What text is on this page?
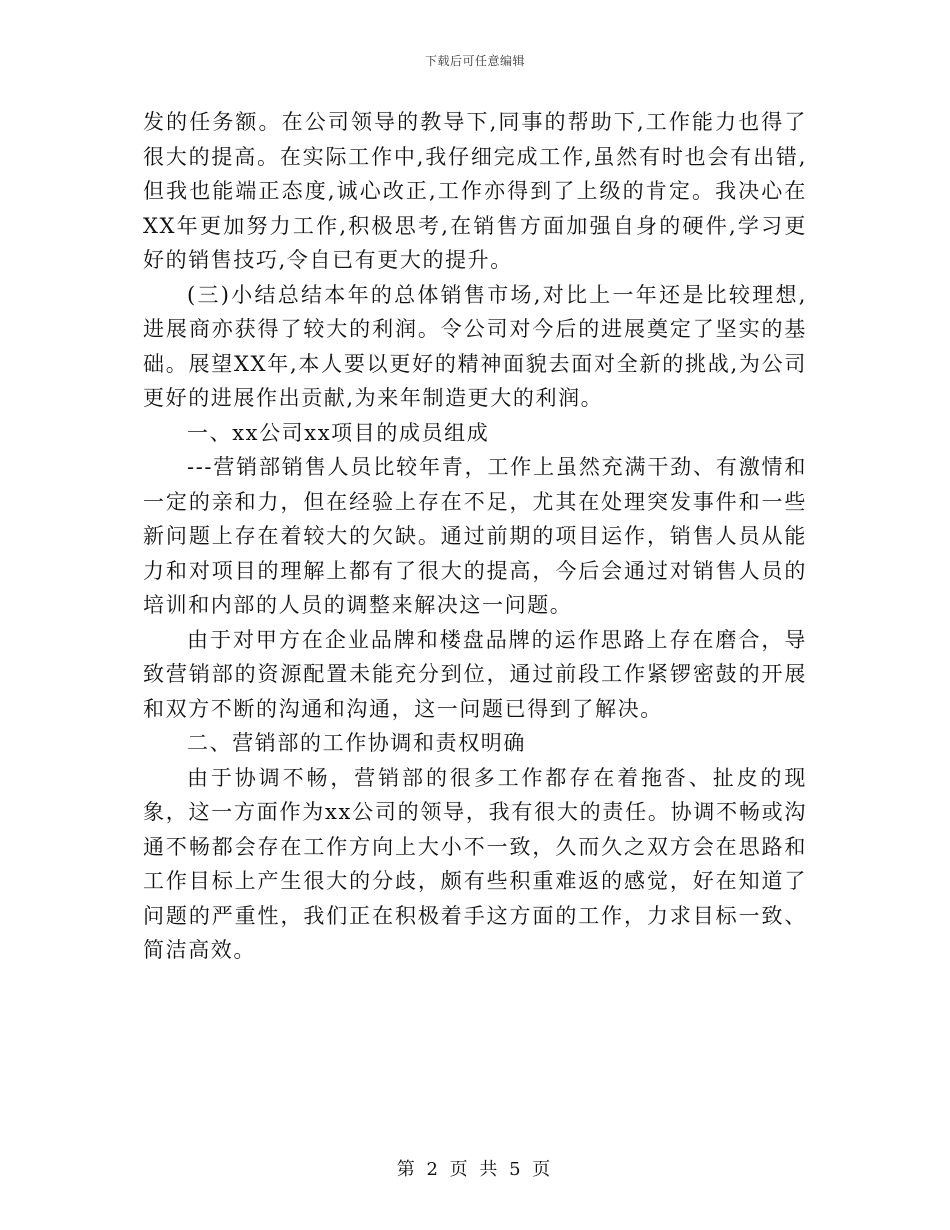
下载后可任意编辑

发的任务额。在公司领导的教导下,同事的帮助下,工作能力也得了很大的提高。在实际工作中,我仔细完成工作,虽然有时也会有出错,但我也能端正态度,诚心改正,工作亦得到了上级的肯定。我决心在XX年更加努力工作,积极思考,在销售方面加强自身的硬件,学习更好的销售技巧,令自已有更大的提升。

(三)小结总结本年的总体销售市场,对比上一年还是比较理想,进展商亦获得了较大的利润。令公司对今后的进展奠定了坚实的基础。展望XX年,本人要以更好的精神面貌去面对全新的挑战,为公司更好的进展作出贡献,为来年制造更大的利润。

一、xx公司xx项目的成员组成

---营销部销售人员比较年青，工作上虽然充满干劲、有激情和一定的亲和力，但在经验上存在不足，尤其在处理突发事件和一些新问题上存在着较大的欠缺。通过前期的项目运作，销售人员从能力和对项目的理解上都有了很大的提高，今后会通过对销售人员的培训和内部的人员的调整来解决这一问题。

由于对甲方在企业品牌和楼盘品牌的运作思路上存在磨合，导致营销部的资源配置未能充分到位，通过前段工作紧锣密鼓的开展和双方不断的沟通和沟通，这一问题已得到了解决。

二、营销部的工作协调和责权明确

由于协调不畅，营销部的很多工作都存在着拖沓、扯皮的现象，这一方面作为xx公司的领导，我有很大的责任。协调不畅或沟通不畅都会存在工作方向上大小不一致，久而久之双方会在思路和工作目标上产生很大的分歧，颇有些积重难返的感觉，好在知道了问题的严重性，我们正在积极着手这方面的工作，力求目标一致、简洁高效。

第 2 页 共 5 页
